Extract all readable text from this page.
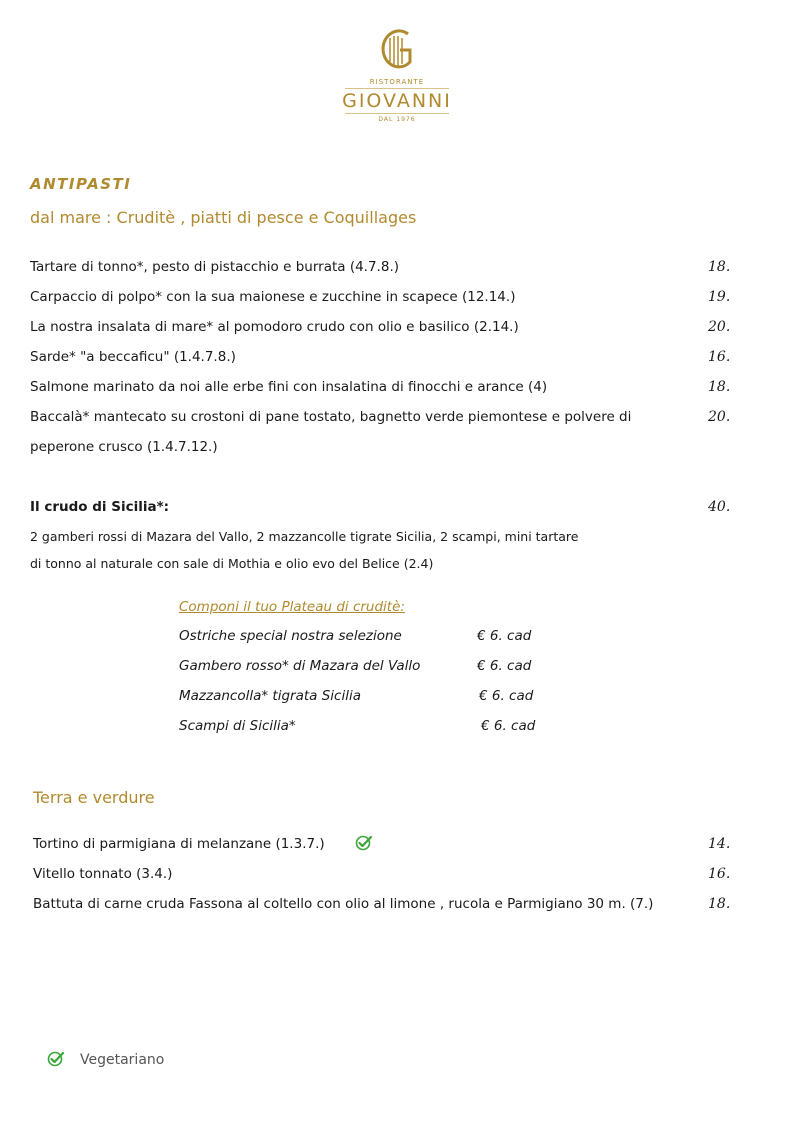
RISTORANTE
GIOVANNI
DAL 1976
ANTIPASTI
dal mare : Cruditè , piatti di pesce e Coquillages
Tartare di tonno*, pesto di pistacchio e burrata (4.7.8.)	18.
Carpaccio di polpo* con la sua maionese e zucchine in scapece (12.14.)	19.
La nostra insalata di mare* al pomodoro crudo con olio e basilico (2.14.)	20.
Sarde* "a beccaficu" (1.4.7.8.)	16.
Salmone marinato da noi alle erbe fini con insalatina di finocchi e arance (4)	18.
Baccalà* mantecato su crostoni di pane tostato, bagnetto verde piemontese e polvere di
peperone crusco (1.4.7.12.)
20.
Il crudo di Sicilia*:	40.
2 gamberi rossi di Mazara del Vallo, 2 mazzancolle tigrate Sicilia, 2 scampi, mini tartare
di tonno al naturale con sale di Mothia e olio evo del Belice (2.4)
Componi il tuo Plateau di cruditè:
Ostriche special nostra selezione	€ 6. cad
Gambero rosso* di Mazara del Vallo	€ 6. cad
Mazzancolla* tigrata Sicilia	€ 6. cad
Scampi di Sicilia*	€ 6. cad
Terra e verdure
Tortino di parmigiana di melanzane (1.3.7.)	14.
Vitello tonnato (3.4.)	16.
Battuta di carne cruda Fassona al coltello con olio al limone , rucola e Parmigiano 30 m. (7.)	18.
Vegetariano
